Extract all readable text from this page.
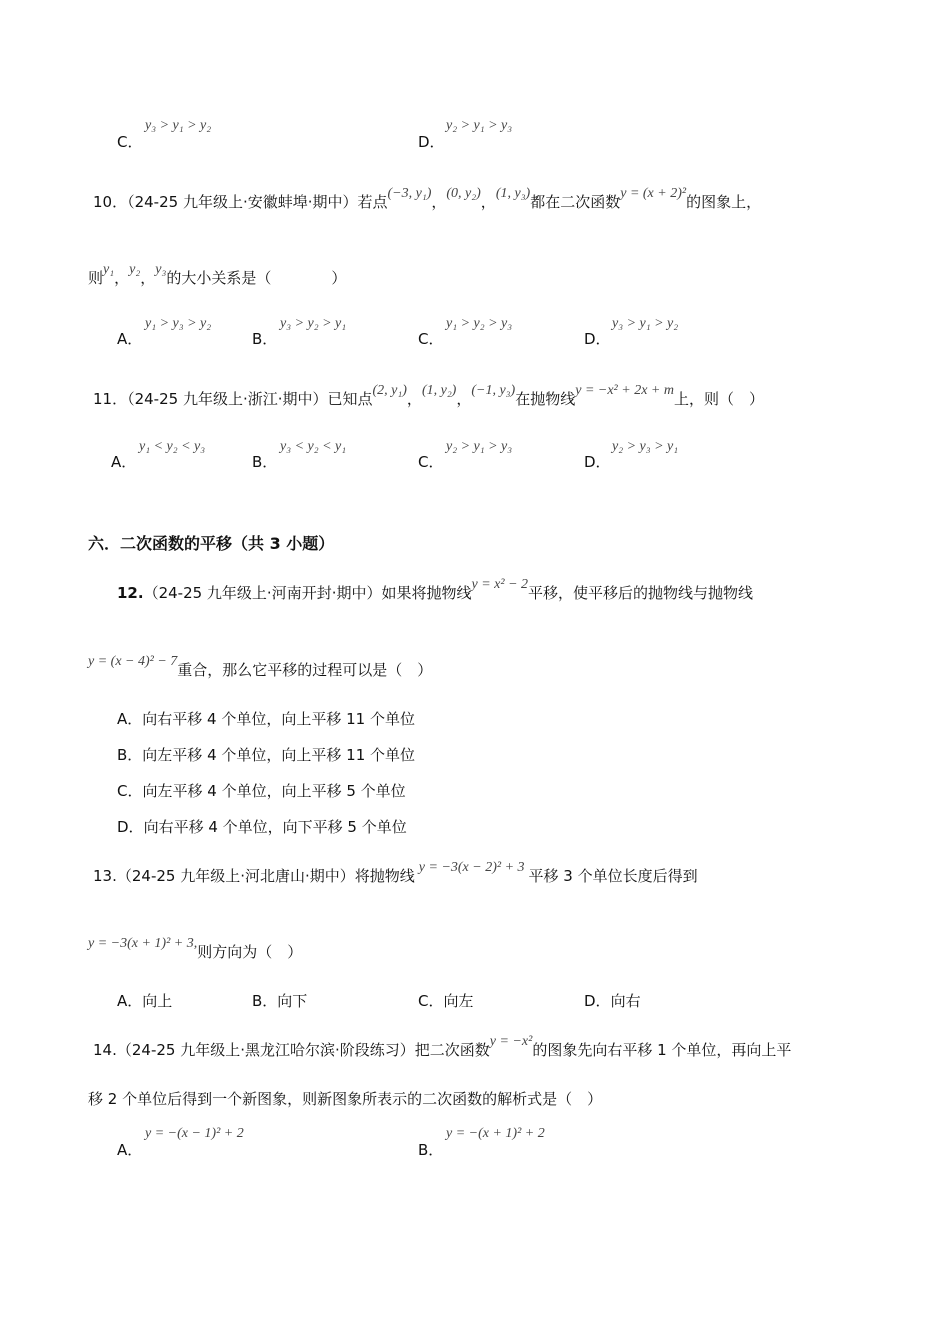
C．
y₃ > y₁ > y₂
D．
y₂ > y₁ > y₃
10．（24-25 九年级上·安徽蚌埠·期中）若点(−3, y₁)，(0, y₂)，(1, y₃)都在二次函数y = (x + 2)²的图象上，
则y₁，y₂，y₃的大小关系是（　　　　）
A．
y₁ > y₃ > y₂
B．
y₃ > y₂ > y₁
C．
y₁ > y₂ > y₃
D．
y₃ > y₁ > y₂
11．（24-25 九年级上·浙江·期中）已知点(2, y₁)，(1, y₂)，(−1, y₃)在抛物线y = −x² + 2x + m上，则（　）
A．
y₁ < y₂ < y₃
B．
y₃ < y₂ < y₁
C．
y₂ > y₁ > y₃
D．
y₂ > y₃ > y₁
六．二次函数的平移（共 3 小题）
12.（24-25 九年级上·河南开封·期中）如果将抛物线y = x² − 2平移，使平移后的抛物线与抛物线
y = (x − 4)² − 7重合，那么它平移的过程可以是（　）
A．向右平移 4 个单位，向上平移 11 个单位
B．向左平移 4 个单位，向上平移 11 个单位
C．向左平移 4 个单位，向上平移 5 个单位
D．向右平移 4 个单位，向下平移 5 个单位
13.（24-25 九年级上·河北唐山·期中）将抛物线 y = −3(x − 2)² + 3 平移 3 个单位长度后得到
y = −3(x + 1)² + 3,则方向为（　）
A．向上	B．向下	C．向左	D．向右
14.（24-25 九年级上·黑龙江哈尔滨·阶段练习）把二次函数y = −x²的图象先向右平移 1 个单位，再向上平
移 2 个单位后得到一个新图象，则新图象所表示的二次函数的解析式是（　）
A．
y = −(x − 1)² + 2
B．
y = −(x + 1)² + 2
